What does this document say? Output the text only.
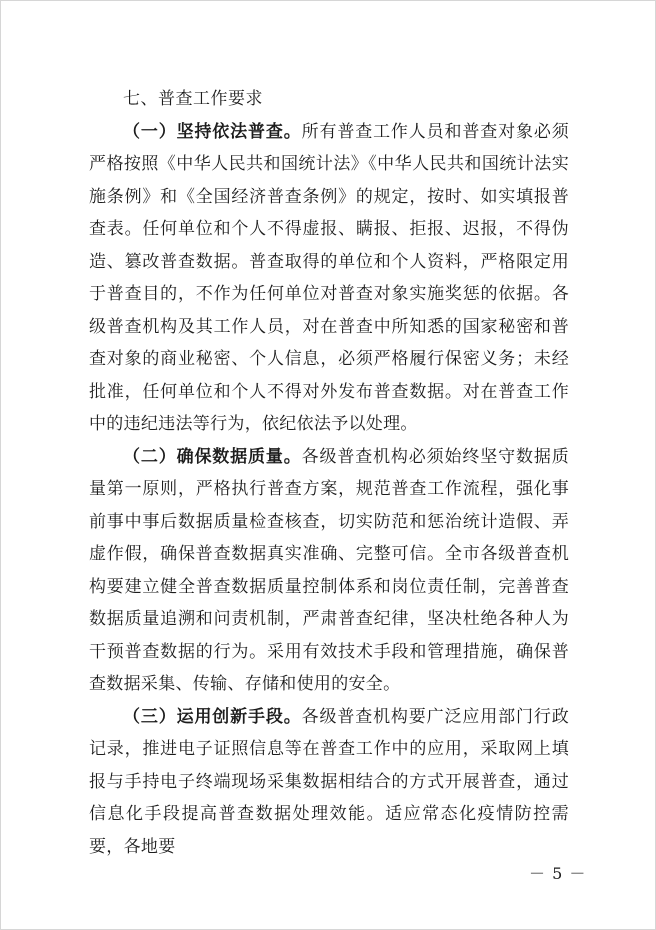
七、普查工作要求

（一）坚持依法普查。所有普查工作人员和普查对象必须严格按照《中华人民共和国统计法》《中华人民共和国统计法实施条例》和《全国经济普查条例》的规定，按时、如实填报普查表。任何单位和个人不得虚报、瞒报、拒报、迟报，不得伪造、篡改普查数据。普查取得的单位和个人资料，严格限定用于普查目的，不作为任何单位对普查对象实施奖惩的依据。各级普查机构及其工作人员，对在普查中所知悉的国家秘密和普查对象的商业秘密、个人信息，必须严格履行保密义务；未经批准，任何单位和个人不得对外发布普查数据。对在普查工作中的违纪违法等行为，依纪依法予以处理。

（二）确保数据质量。各级普查机构必须始终坚守数据质量第一原则，严格执行普查方案，规范普查工作流程，强化事前事中事后数据质量检查核查，切实防范和惩治统计造假、弄虚作假，确保普查数据真实准确、完整可信。全市各级普查机构要建立健全普查数据质量控制体系和岗位责任制，完善普查数据质量追溯和问责机制，严肃普查纪律，坚决杜绝各种人为干预普查数据的行为。采用有效技术手段和管理措施，确保普查数据采集、传输、存储和使用的安全。

（三）运用创新手段。各级普查机构要广泛应用部门行政记录，推进电子证照信息等在普查工作中的应用，采取网上填报与手持电子终端现场采集数据相结合的方式开展普查，通过信息化手段提高普查数据处理效能。适应常态化疫情防控需要，各地要

－ 5 －
